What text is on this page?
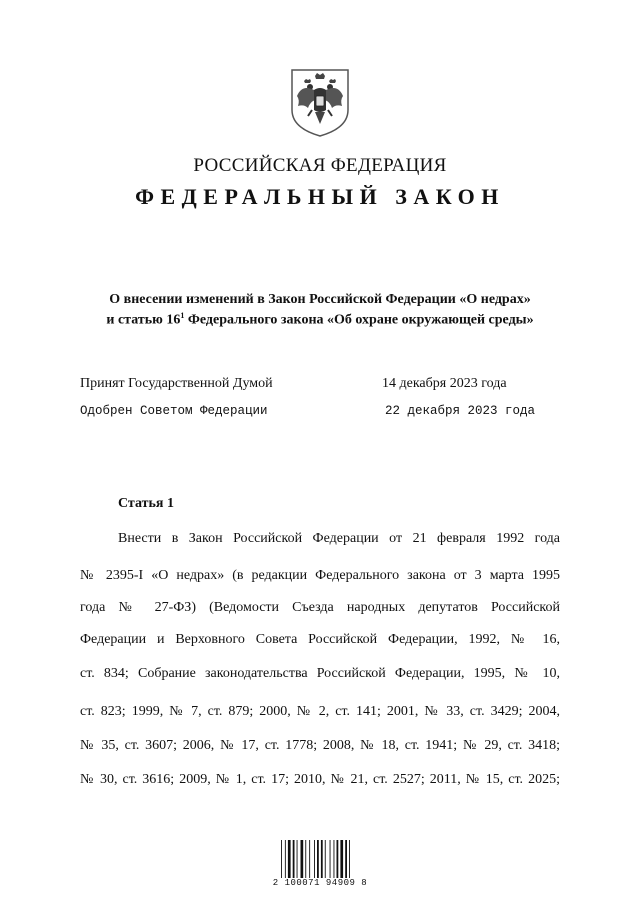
РОССИЙСКАЯ ФЕДЕРАЦИЯ
ФЕДЕРАЛЬНЫЙ ЗАКОН
О внесении изменений в Закон Российской Федерации «О недрах»
и статью $16^1$ Федерального закона «Об охране окружающей среды»
Принят Государственной Думой	14 декабря 2023 года
Одобрен Советом Федерации	22 декабря 2023 года
Статья 1
Внести в Закон Российской Федерации от 21 февраля 1992 года
№ 2395-I «О недрах» (в редакции Федерального закона от 3 марта 1995
года № 27-ФЗ) (Ведомости Съезда народных депутатов Российской
Федерации и Верховного Совета Российской Федерации, 1992, № 16,
ст. 834; Собрание законодательства Российской Федерации, 1995, № 10,
ст. 823; 1999, № 7, ст. 879; 2000, № 2, ст. 141; 2001, № 33, ст. 3429; 2004,
№ 35, ст. 3607; 2006, № 17, ст. 1778; 2008, № 18, ст. 1941; № 29, ст. 3418;
№ 30, ст. 3616; 2009, № 1, ст. 17; 2010, № 21, ст. 2527; 2011, № 15, ст. 2025;
2 100071 94909 8
